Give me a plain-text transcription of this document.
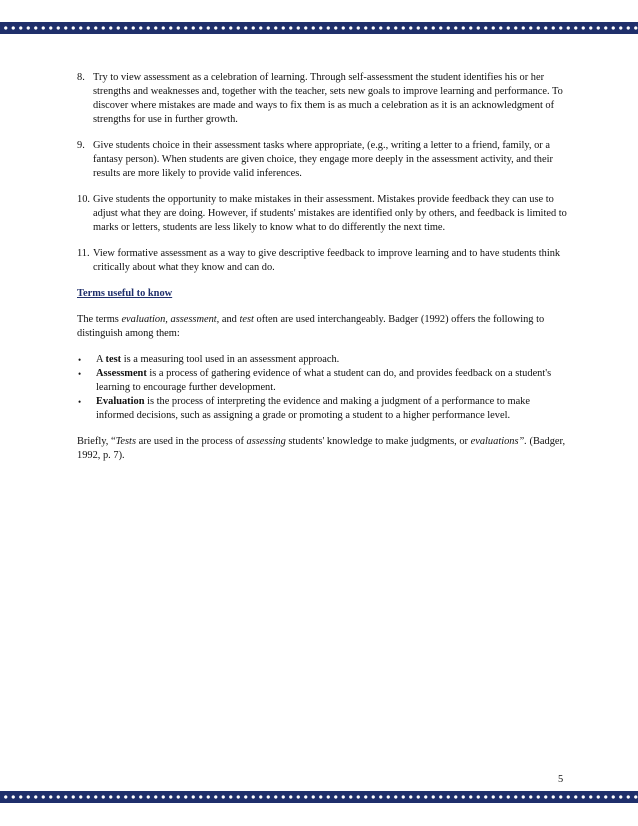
8. Try to view assessment as a celebration of learning. Through self-assessment the student identifies his or her strengths and weaknesses and, together with the teacher, sets new goals to improve learning and performance. To discover where mistakes are made and ways to fix them is as much a celebration as it is an acknowledgment of strengths for use in further growth.
9. Give students choice in their assessment tasks where appropriate, (e.g., writing a letter to a friend, family, or a fantasy person). When students are given choice, they engage more deeply in the assessment activity, and their results are more likely to provide valid inferences.
10. Give students the opportunity to make mistakes in their assessment. Mistakes provide feedback they can use to adjust what they are doing. However, if students' mistakes are identified only by others, and feedback is limited to marks or letters, students are less likely to know what to do differently the next time.
11. View formative assessment as a way to give descriptive feedback to improve learning and to have students think critically about what they know and can do.
Terms useful to know

The terms evaluation, assessment, and test often are used interchangeably. Badger (1992) offers the following to distinguish among them:

•	A test is a measuring tool used in an assessment approach.
•	Assessment is a process of gathering evidence of what a student can do, and provides feedback on a student's learning to encourage further development.
•	Evaluation is the process of interpreting the evidence and making a judgment of a performance to make informed decisions, such as assigning a grade or promoting a student to a higher performance level.

Briefly, “Tests are used in the process of assessing students' knowledge to make judgments, or evaluations”. (Badger, 1992, p. 7).

5
